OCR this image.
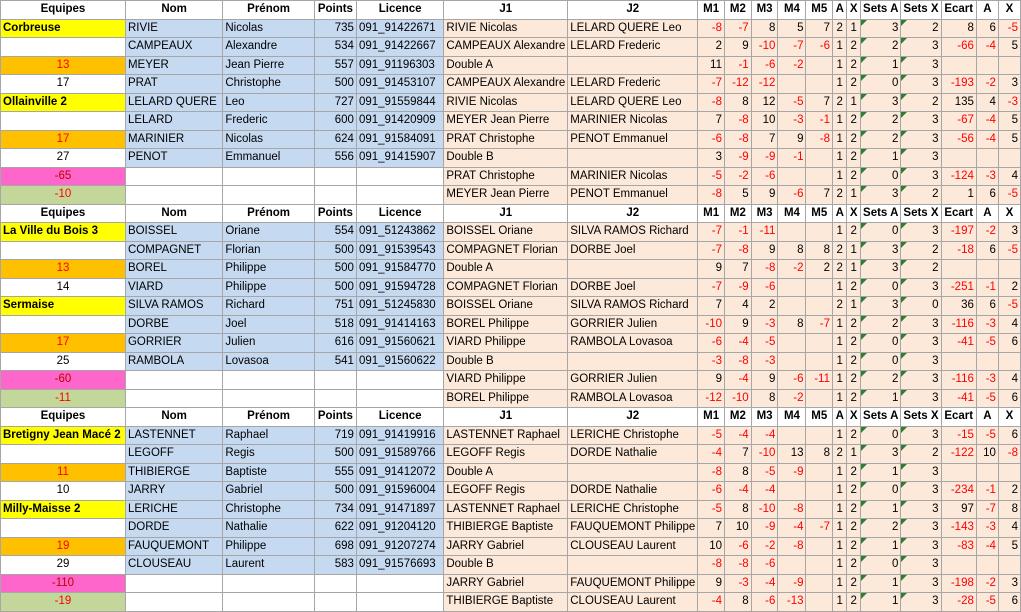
Equipes	Nom	Prénom	Points	Licence	J1	J2	M1	M2	M3	M4	M5	A	X	Sets A	Sets X	Ecart	A	X
Corbreuse	RIVIE	Nicolas	735	091_91422671	RIVIE Nicolas	LELARD QUERE Leo	-8	-7	8	5	7	2	1	3	2	8	6	-5
	CAMPEAUX	Alexandre	534	091_91422667	CAMPEAUX Alexandre	LELARD Frederic	2	9	-10	-7	-6	1	2	2	3	-66	-4	5
13	MEYER	Jean Pierre	557	091_91196303	Double A		11	-1	-6	-2		1	2	1	3			
17	PRAT	Christophe	500	091_91453107	CAMPEAUX Alexandre	LELARD Frederic	-7	-12	-12			1	2	0	3	-193	-2	3
Ollainville 2	LELARD QUERE	Leo	727	091_91559844	RIVIE Nicolas	LELARD QUERE Leo	-8	8	12	-5	7	2	1	3	2	135	4	-3
	LELARD	Frederic	600	091_91420909	MEYER Jean Pierre	MARINIER Nicolas	7	-8	10	-3	-1	1	2	2	3	-67	-4	5
17	MARINIER	Nicolas	624	091_91584091	PRAT Christophe	PENOT Emmanuel	-6	-8	7	9	-8	1	2	2	3	-56	-4	5
27	PENOT	Emmanuel	556	091_91415907	Double B		3	-9	-9	-1		1	2	1	3			
-65					PRAT Christophe	MARINIER Nicolas	-5	-2	-6			1	2	0	3	-124	-3	4
-10					MEYER Jean Pierre	PENOT Emmanuel	-8	5	9	-6	7	2	1	3	2	1	6	-5
Equipes	Nom	Prénom	Points	Licence	J1	J2	M1	M2	M3	M4	M5	A	X	Sets A	Sets X	Ecart	A	X
La Ville du Bois 3	BOISSEL	Oriane	554	091_51243862	BOISSEL Oriane	SILVA RAMOS Richard	-7	-1	-11			1	2	0	3	-197	-2	3
	COMPAGNET	Florian	500	091_91539543	COMPAGNET Florian	DORBE Joel	-7	-8	9	8	8	2	1	3	2	-18	6	-5
13	BOREL	Philippe	500	091_91584770	Double A		9	7	-8	-2	2	2	1	3	2			
14	VIARD	Philippe	500	091_91594728	COMPAGNET Florian	DORBE Joel	-7	-9	-6			1	2	0	3	-251	-1	2
Sermaise	SILVA RAMOS	Richard	751	091_51245830	BOISSEL Oriane	SILVA RAMOS Richard	7	4	2			2	1	3	0	36	6	-5
	DORBE	Joel	518	091_91414163	BOREL Philippe	GORRIER Julien	-10	9	-3	8	-7	1	2	2	3	-116	-3	4
17	GORRIER	Julien	616	091_91560621	VIARD Philippe	RAMBOLA Lovasoa	-6	-4	-5			1	2	0	3	-41	-5	6
25	RAMBOLA	Lovasoa	541	091_91560622	Double B		-3	-8	-3			1	2	0	3			
-60					VIARD Philippe	GORRIER Julien	9	-4	9	-6	-11	1	2	2	3	-116	-3	4
-11					BOREL Philippe	RAMBOLA Lovasoa	-12	-10	8	-2		1	2	1	3	-41	-5	6
Equipes	Nom	Prénom	Points	Licence	J1	J2	M1	M2	M3	M4	M5	A	X	Sets A	Sets X	Ecart	A	X
Bretigny Jean Macé 2	LASTENNET	Raphael	719	091_91419916	LASTENNET Raphael	LERICHE Christophe	-5	-4	-4			1	2	0	3	-15	-5	6
	LEGOFF	Regis	500	091_91589766	LEGOFF Regis	DORDE Nathalie	-4	7	-10	13	8	2	1	3	2	-122	10	-8
11	THIBIERGE	Baptiste	555	091_91412072	Double A		-8	8	-5	-9		1	2	1	3			
10	JARRY	Gabriel	500	091_91596004	LEGOFF Regis	DORDE Nathalie	-6	-4	-4			1	2	0	3	-234	-1	2
Milly-Maisse 2	LERICHE	Christophe	734	091_91471897	LASTENNET Raphael	LERICHE Christophe	-5	8	-10	-8		1	2	1	3	97	-7	8
	DORDE	Nathalie	622	091_91204120	THIBIERGE Baptiste	FAUQUEMONT Philippe	7	10	-9	-4	-7	1	2	2	3	-143	-3	4
19	FAUQUEMONT	Philippe	698	091_91207274	JARRY Gabriel	CLOUSEAU Laurent	10	-6	-2	-8		1	2	1	3	-83	-4	5
29	CLOUSEAU	Laurent	583	091_91576693	Double B		-8	-8	-6			1	2	0	3			
-110					JARRY Gabriel	FAUQUEMONT Philippe	9	-3	-4	-9		1	2	1	3	-198	-2	3
-19					THIBIERGE Baptiste	CLOUSEAU Laurent	-4	8	-6	-13		1	2	1	3	-28	-5	6
